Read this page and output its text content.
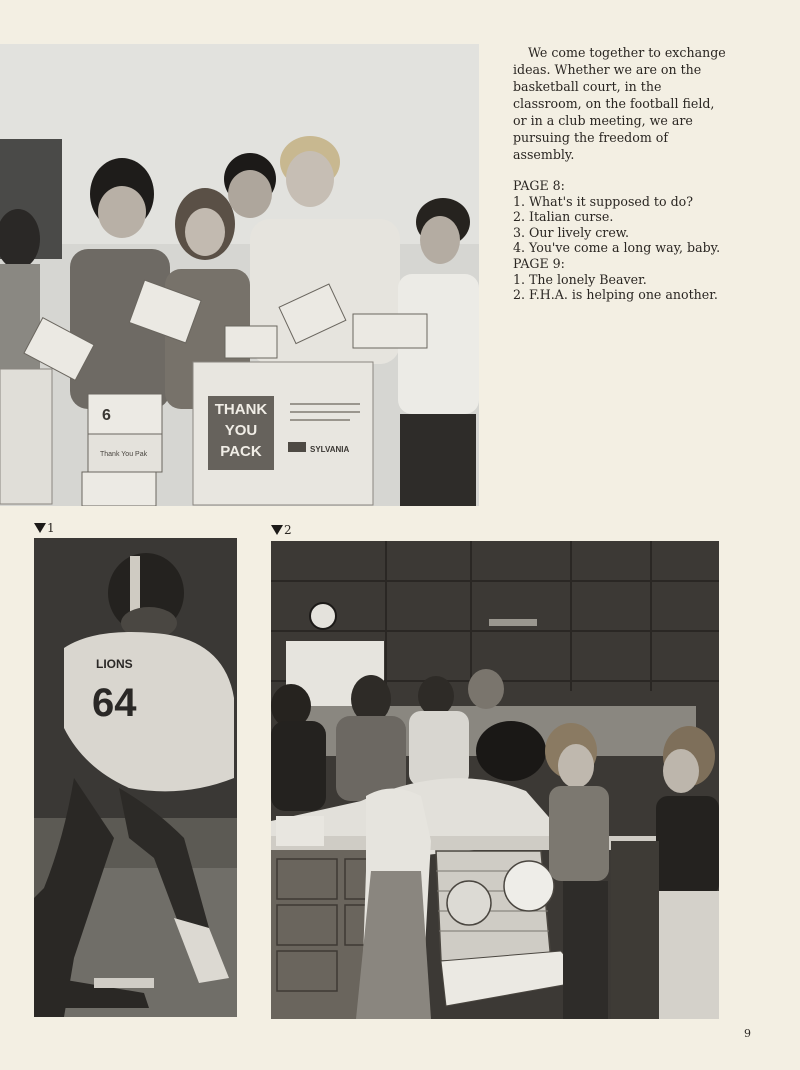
THANK
YOU
PACK	SYLVANIA
6
Thank You Pak

We come together to exchange ideas. Whether we are on the basketball court, in the classroom, on the football field, or in a club meeting, we are pursuing the freedom of assembly.

PAGE 8:

1. What's it supposed to do?
2. Italian curse.
3. Our lively crew.
4. You've come a long way, baby.

PAGE 9:

1. The lonely Beaver.
2. F.H.A. is helping one another.
1	2
LIONS
64
9
